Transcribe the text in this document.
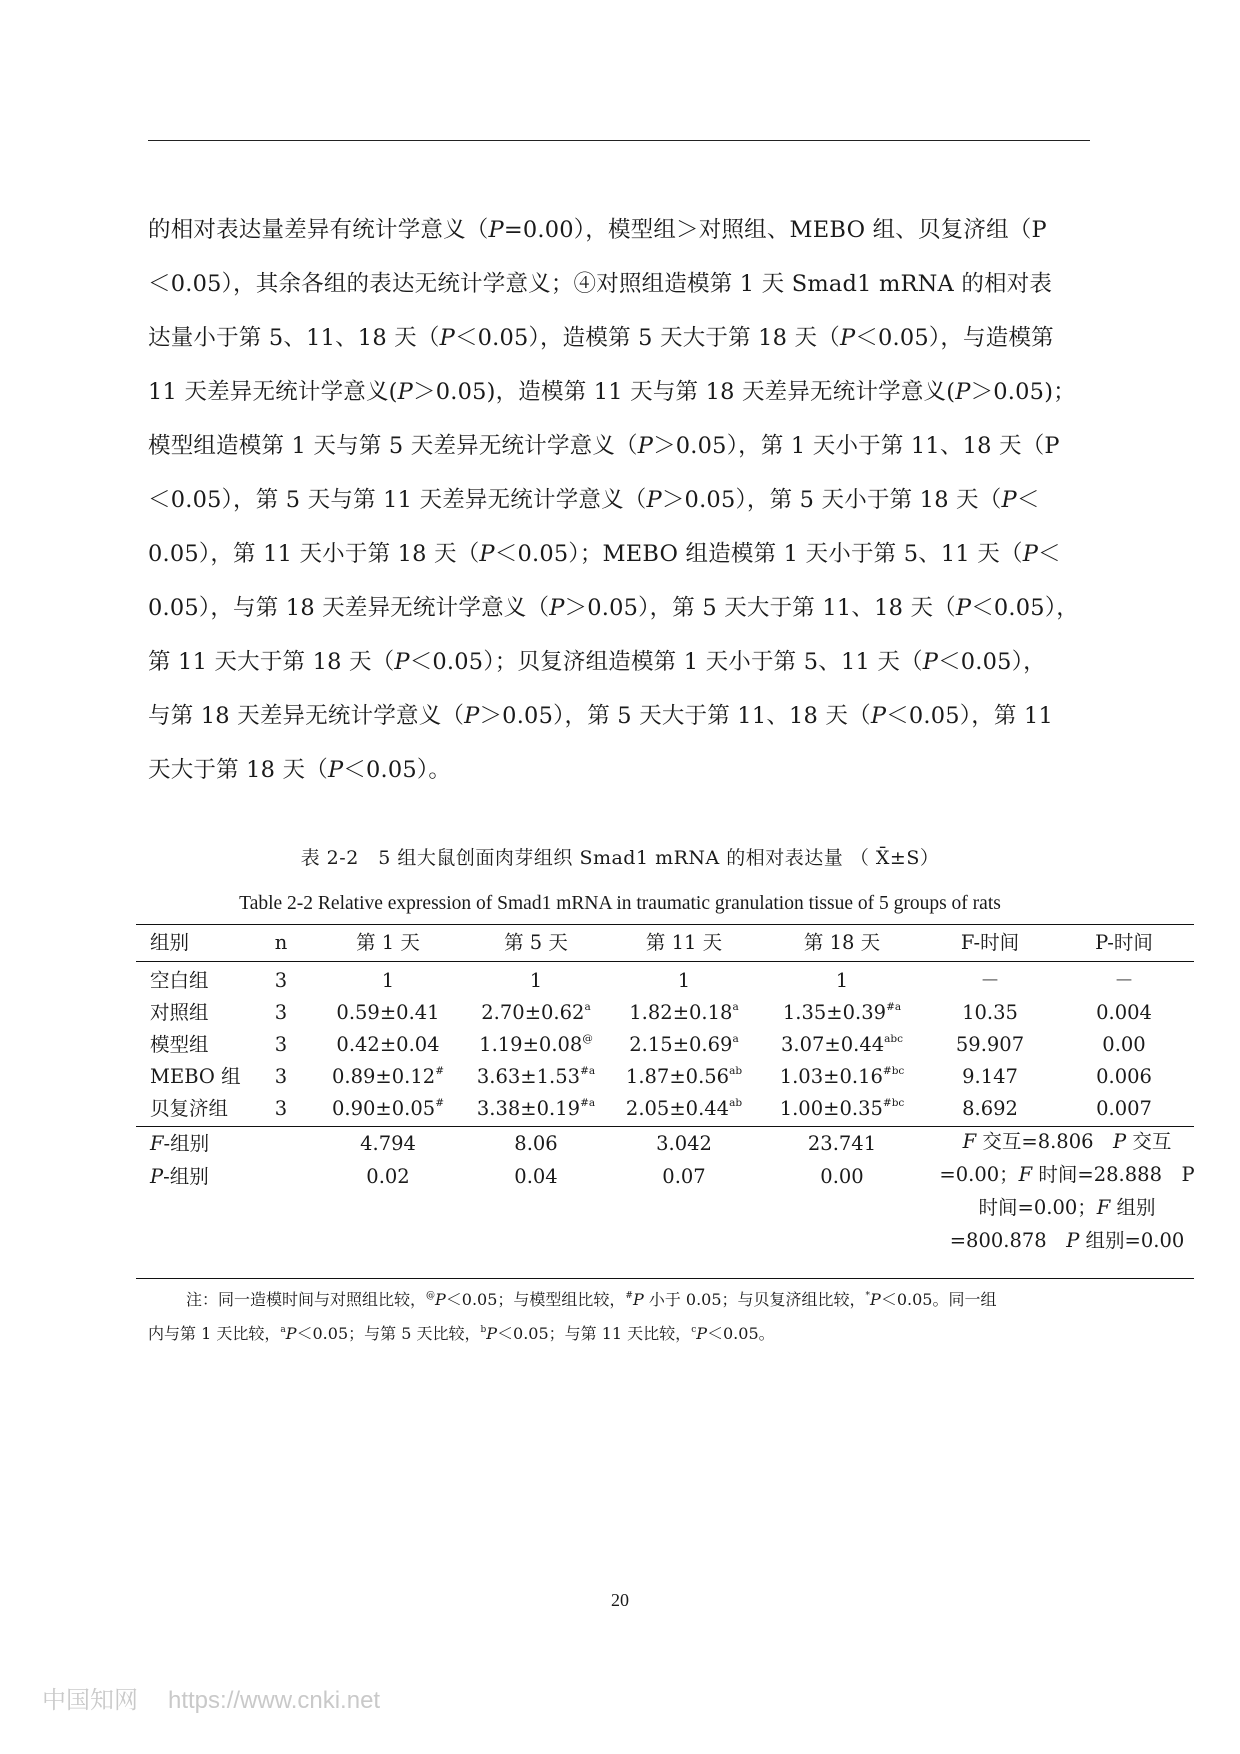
的相对表达量差异有统计学意义（P=0.00），模型组＞对照组、MEBO 组、贝复济组（P
＜0.05），其余各组的表达无统计学意义；④对照组造模第 1 天 Smad1 mRNA 的相对表
达量小于第 5、11、18 天（P＜0.05），造模第 5 天大于第 18 天（P＜0.05），与造模第
11 天差异无统计学意义(P＞0.05)，造模第 11 天与第 18 天差异无统计学意义(P＞0.05)；
模型组造模第 1 天与第 5 天差异无统计学意义（P＞0.05），第 1 天小于第 11、18 天（P
＜0.05），第 5 天与第 11 天差异无统计学意义（P＞0.05），第 5 天小于第 18 天（P＜
0.05），第 11 天小于第 18 天（P＜0.05）；MEBO 组造模第 1 天小于第 5、11 天（P＜
0.05），与第 18 天差异无统计学意义（P＞0.05），第 5 天大于第 11、18 天（P＜0.05），
第 11 天大于第 18 天（P＜0.05）；贝复济组造模第 1 天小于第 5、11 天（P＜0.05），
与第 18 天差异无统计学意义（P＞0.05），第 5 天大于第 11、18 天（P＜0.05），第 11
天大于第 18 天（P＜0.05）。
表 2-2　5 组大鼠创面肉芽组织 Smad1 mRNA 的相对表达量 （ X̄±S）
Table 2-2 Relative expression of Smad1 mRNA in traumatic granulation tissue of 5 groups of rats
组别	n	第 1 天	第 5 天	第 11 天	第 18 天	F-时间	P-时间
空白组	3	1	1	1	1	－	－
对照组	3	0.59±0.41 2.70±0.62$^a$ 1.82±0.18$^a$ $1.35\pm 0.39^{\#a}$	10.35	0.004
模型组	3	0.42±0.04 1.19±0.08@ 2.15±0.69$^a$ 3.07±0.44$^{abc}$	59.907	0.00
MEBO 组 3 0.89±0.12# $3.63\pm 1.53^{\#a}$ 1.87±0.56$^{ab}$ $1.03\pm 0.16^{\#bc}$	9.147	0.006
贝复济组 3 0.90±0.05# $3.38\pm 0.19^{\#a}$ 2.05±0.44$^{ab}$ $1.00\pm 0.35^{\#bc}$	8.692	0.007
F-组别	4.794	8.06	3.042	23.741
P-组别	0.02	0.04	0.07	0.00
F 交互=8.806　P 交互
=0.00；F 时间=28.888　P
时间=0.00；F 组别
=800.878　P 组别=0.00
注：同一造模时间与对照组比较，@P＜0.05；与模型组比较，#P 小于 0.05；与贝复济组比较，*P＜0.05。同一组
内与第 1 天比较，$^a$P＜0.05；与第 5 天比较，$^b$P＜0.05；与第 11 天比较，$^c$P＜0.05。
20
中国知网 https://www.cnki.net
